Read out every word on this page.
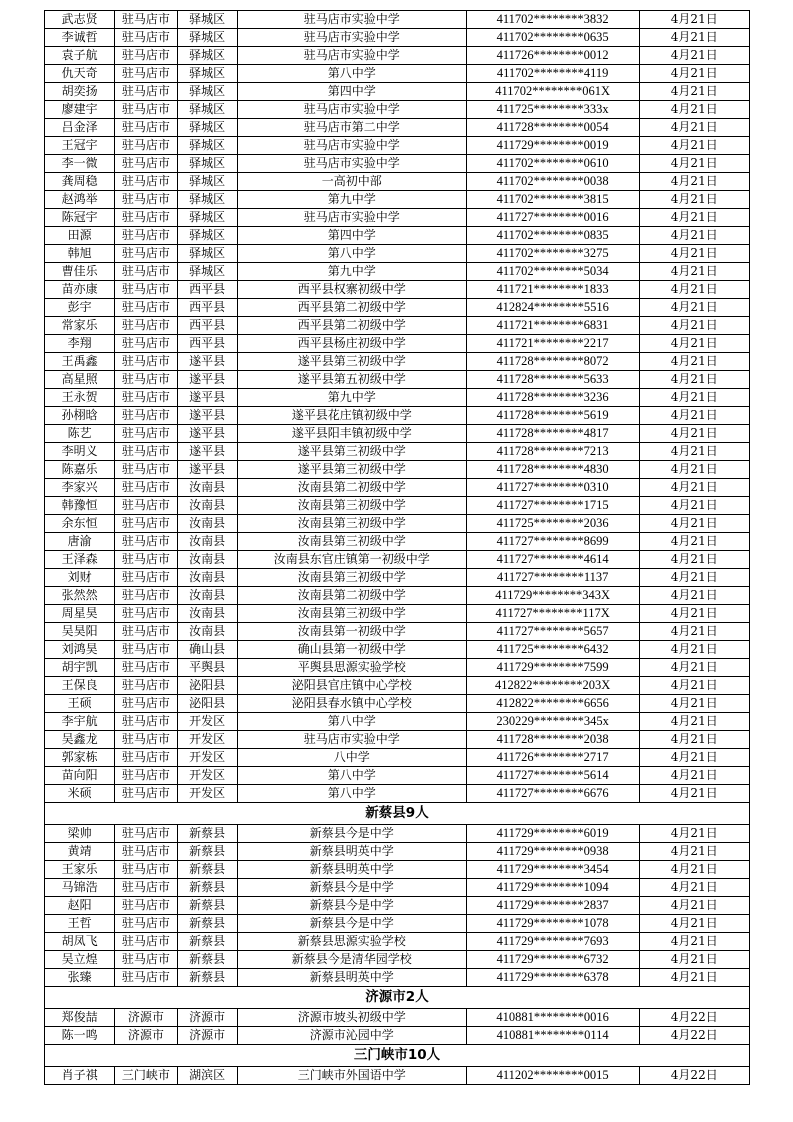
武志贤	驻马店市	驿城区	驻马店市实验中学	411702********3832	4月21日
李诚哲	驻马店市	驿城区	驻马店市实验中学	411702********0635	4月21日
袁子航	驻马店市	驿城区	驻马店市实验中学	411726********0012	4月21日
仇天奇	驻马店市	驿城区	第八中学	411702********4119	4月21日
胡奕扬	驻马店市	驿城区	第四中学	411702********061X	4月21日
廖建宇	驻马店市	驿城区	驻马店市实验中学	411725********333x	4月21日
吕金泽	驻马店市	驿城区	驻马店市第二中学	411728********0054	4月21日
王冠宇	驻马店市	驿城区	驻马店市实验中学	411729********0019	4月21日
李一微	驻马店市	驿城区	驻马店市实验中学	411702********0610	4月21日
龚周稳	驻马店市	驿城区	一高初中部	411702********0038	4月21日
赵鸿举	驻马店市	驿城区	第九中学	411702********3815	4月21日
陈冠宇	驻马店市	驿城区	驻马店市实验中学	411727********0016	4月21日
田源	驻马店市	驿城区	第四中学	411702********0835	4月21日
韩旭	驻马店市	驿城区	第八中学	411702********3275	4月21日
曹佳乐	驻马店市	驿城区	第九中学	411702********5034	4月21日
苗亦康	驻马店市	西平县	西平县权寨初级中学	411721********1833	4月21日
彭宇	驻马店市	西平县	西平县第二初级中学	412824********5516	4月21日
常家乐	驻马店市	西平县	西平县第二初级中学	411721********6831	4月21日
李翔	驻马店市	西平县	西平县杨庄初级中学	411721********2217	4月21日
王禹鑫	驻马店市	遂平县	遂平县第三初级中学	411728********8072	4月21日
高星照	驻马店市	遂平县	遂平县第五初级中学	411728********5633	4月21日
王永贺	驻马店市	遂平县	第九中学	411728********3236	4月21日
孙栩晗	驻马店市	遂平县	遂平县花庄镇初级中学	411728********5619	4月21日
陈艺	驻马店市	遂平县	遂平县阳丰镇初级中学	411728********4817	4月21日
李明义	驻马店市	遂平县	遂平县第三初级中学	411728********7213	4月21日
陈嘉乐	驻马店市	遂平县	遂平县第三初级中学	411728********4830	4月21日
李家兴	驻马店市	汝南县	汝南县第二初级中学	411727********0310	4月21日
韩豫恒	驻马店市	汝南县	汝南县第三初级中学	411727********1715	4月21日
余东恒	驻马店市	汝南县	汝南县第三初级中学	411725********2036	4月21日
唐渝	驻马店市	汝南县	汝南县第三初级中学	411727********8699	4月21日
王泽森	驻马店市	汝南县	汝南县东官庄镇第一初级中学	411727********4614	4月21日
刘财	驻马店市	汝南县	汝南县第三初级中学	411727********1137	4月21日
张然然	驻马店市	汝南县	汝南县第二初级中学	411729********343X	4月21日
周星昊	驻马店市	汝南县	汝南县第三初级中学	411727********117X	4月21日
吴昊阳	驻马店市	汝南县	汝南县第一初级中学	411727********5657	4月21日
刘鸿昊	驻马店市	确山县	确山县第一初级中学	411725********6432	4月21日
胡宇凯	驻马店市	平舆县	平舆县思源实验学校	411729********7599	4月21日
王保良	驻马店市	泌阳县	泌阳县官庄镇中心学校	412822********203X	4月21日
王硕	驻马店市	泌阳县	泌阳县春水镇中心学校	412822********6656	4月21日
李宇航	驻马店市	开发区	第八中学	230229********345x	4月21日
吴鑫龙	驻马店市	开发区	驻马店市实验中学	411728********2038	4月21日
郭家栋	驻马店市	开发区	八中学	411726********2717	4月21日
苗向阳	驻马店市	开发区	第八中学	411727********5614	4月21日
米硕	驻马店市	开发区	第八中学	411727********6676	4月21日
新蔡县9人					
梁帅	驻马店市	新蔡县	新蔡县今是中学	411729********6019	4月21日
黄靖	驻马店市	新蔡县	新蔡县明英中学	411729********0938	4月21日
王家乐	驻马店市	新蔡县	新蔡县明英中学	411729********3454	4月21日
马锦浩	驻马店市	新蔡县	新蔡县今是中学	411729********1094	4月21日
赵阳	驻马店市	新蔡县	新蔡县今是中学	411729********2837	4月21日
王哲	驻马店市	新蔡县	新蔡县今是中学	411729********1078	4月21日
胡凤飞	驻马店市	新蔡县	新蔡县思源实验学校	411729********7693	4月21日
吴立煌	驻马店市	新蔡县	新蔡县今是清华园学校	411729********6732	4月21日
张臻	驻马店市	新蔡县	新蔡县明英中学	411729********6378	4月21日
济源市2人					
郑俊喆	济源市	济源市	济源市坡头初级中学	410881********0016	4月22日
陈一鸣	济源市	济源市	济源市沁园中学	410881********0114	4月22日
三门峡市10人					
肖子祺	三门峡市	湖滨区	三门峡市外国语中学	411202********0015	4月22日
